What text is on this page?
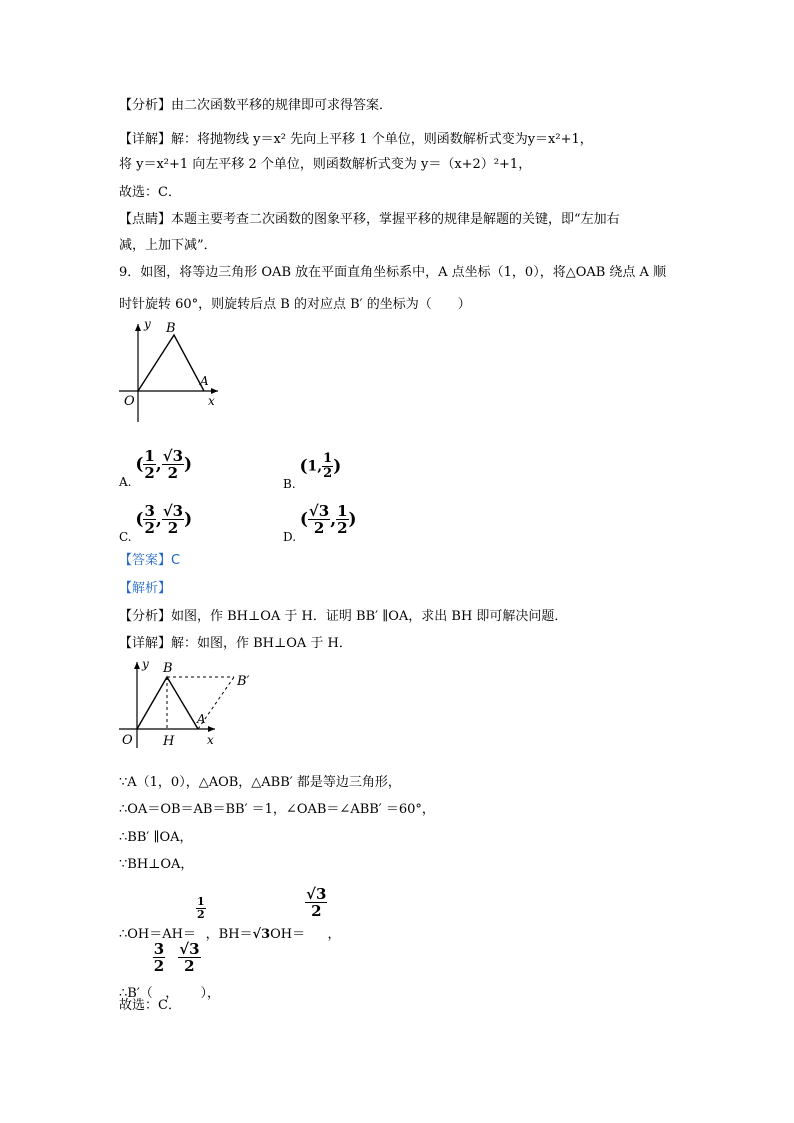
【分析】由二次函数平移的规律即可求得答案．
【详解】解：将抛物线 y＝x² 先向上平移 1 个单位，则函数解析式变为y＝x²+1，
将 y＝x²+1 向左平移 2 个单位，则函数解析式变为 y＝（x+2）²+1，
故选：C．
【点睛】本题主要考查二次函数的图象平移，掌握平移的规律是解题的关键，即“左加右
减，上加下减”．
9．如图，将等边三角形 OAB 放在平面直角坐标系中，A 点坐标（1，0），将△OAB 绕点 A 顺
时针旋转 60°，则旋转后点 B 的对应点 B′ 的坐标为（　　）
y B
A
x
O
A. ( $\frac{1}{2}$ , $\frac{√3}{2}$ )
B. (1, $\frac{1}{2}$ )
C. ( $\frac{3}{2}$ , $\frac{√3}{2}$ )
D. ( $\frac{√3}{2}$ , $\frac{1}{2}$ )
【答案】C
【解析】
【分析】如图，作 BH⊥OA 于 H．证明 BB′ ∥OA，求出 BH 即可解决问题．
【详解】解：如图，作 BH⊥OA 于 H．
y B
B′
A
O H	x
∵A（1，0），△AOB，△ABB′ 都是等边三角形，
∴OA＝OB＝AB＝BB′ ＝1，∠OAB＝∠ABB′ ＝60°，
∴BB′ ∥OA，
∵BH⊥OA，
∴OH＝AH＝
$\frac{1}{2}$
，BH＝√3OH＝
$\frac{√3}{2}$
，
∴B′（
$\frac{3}{2}$
，
$\frac{√3}{2}$
），
故选：C．
